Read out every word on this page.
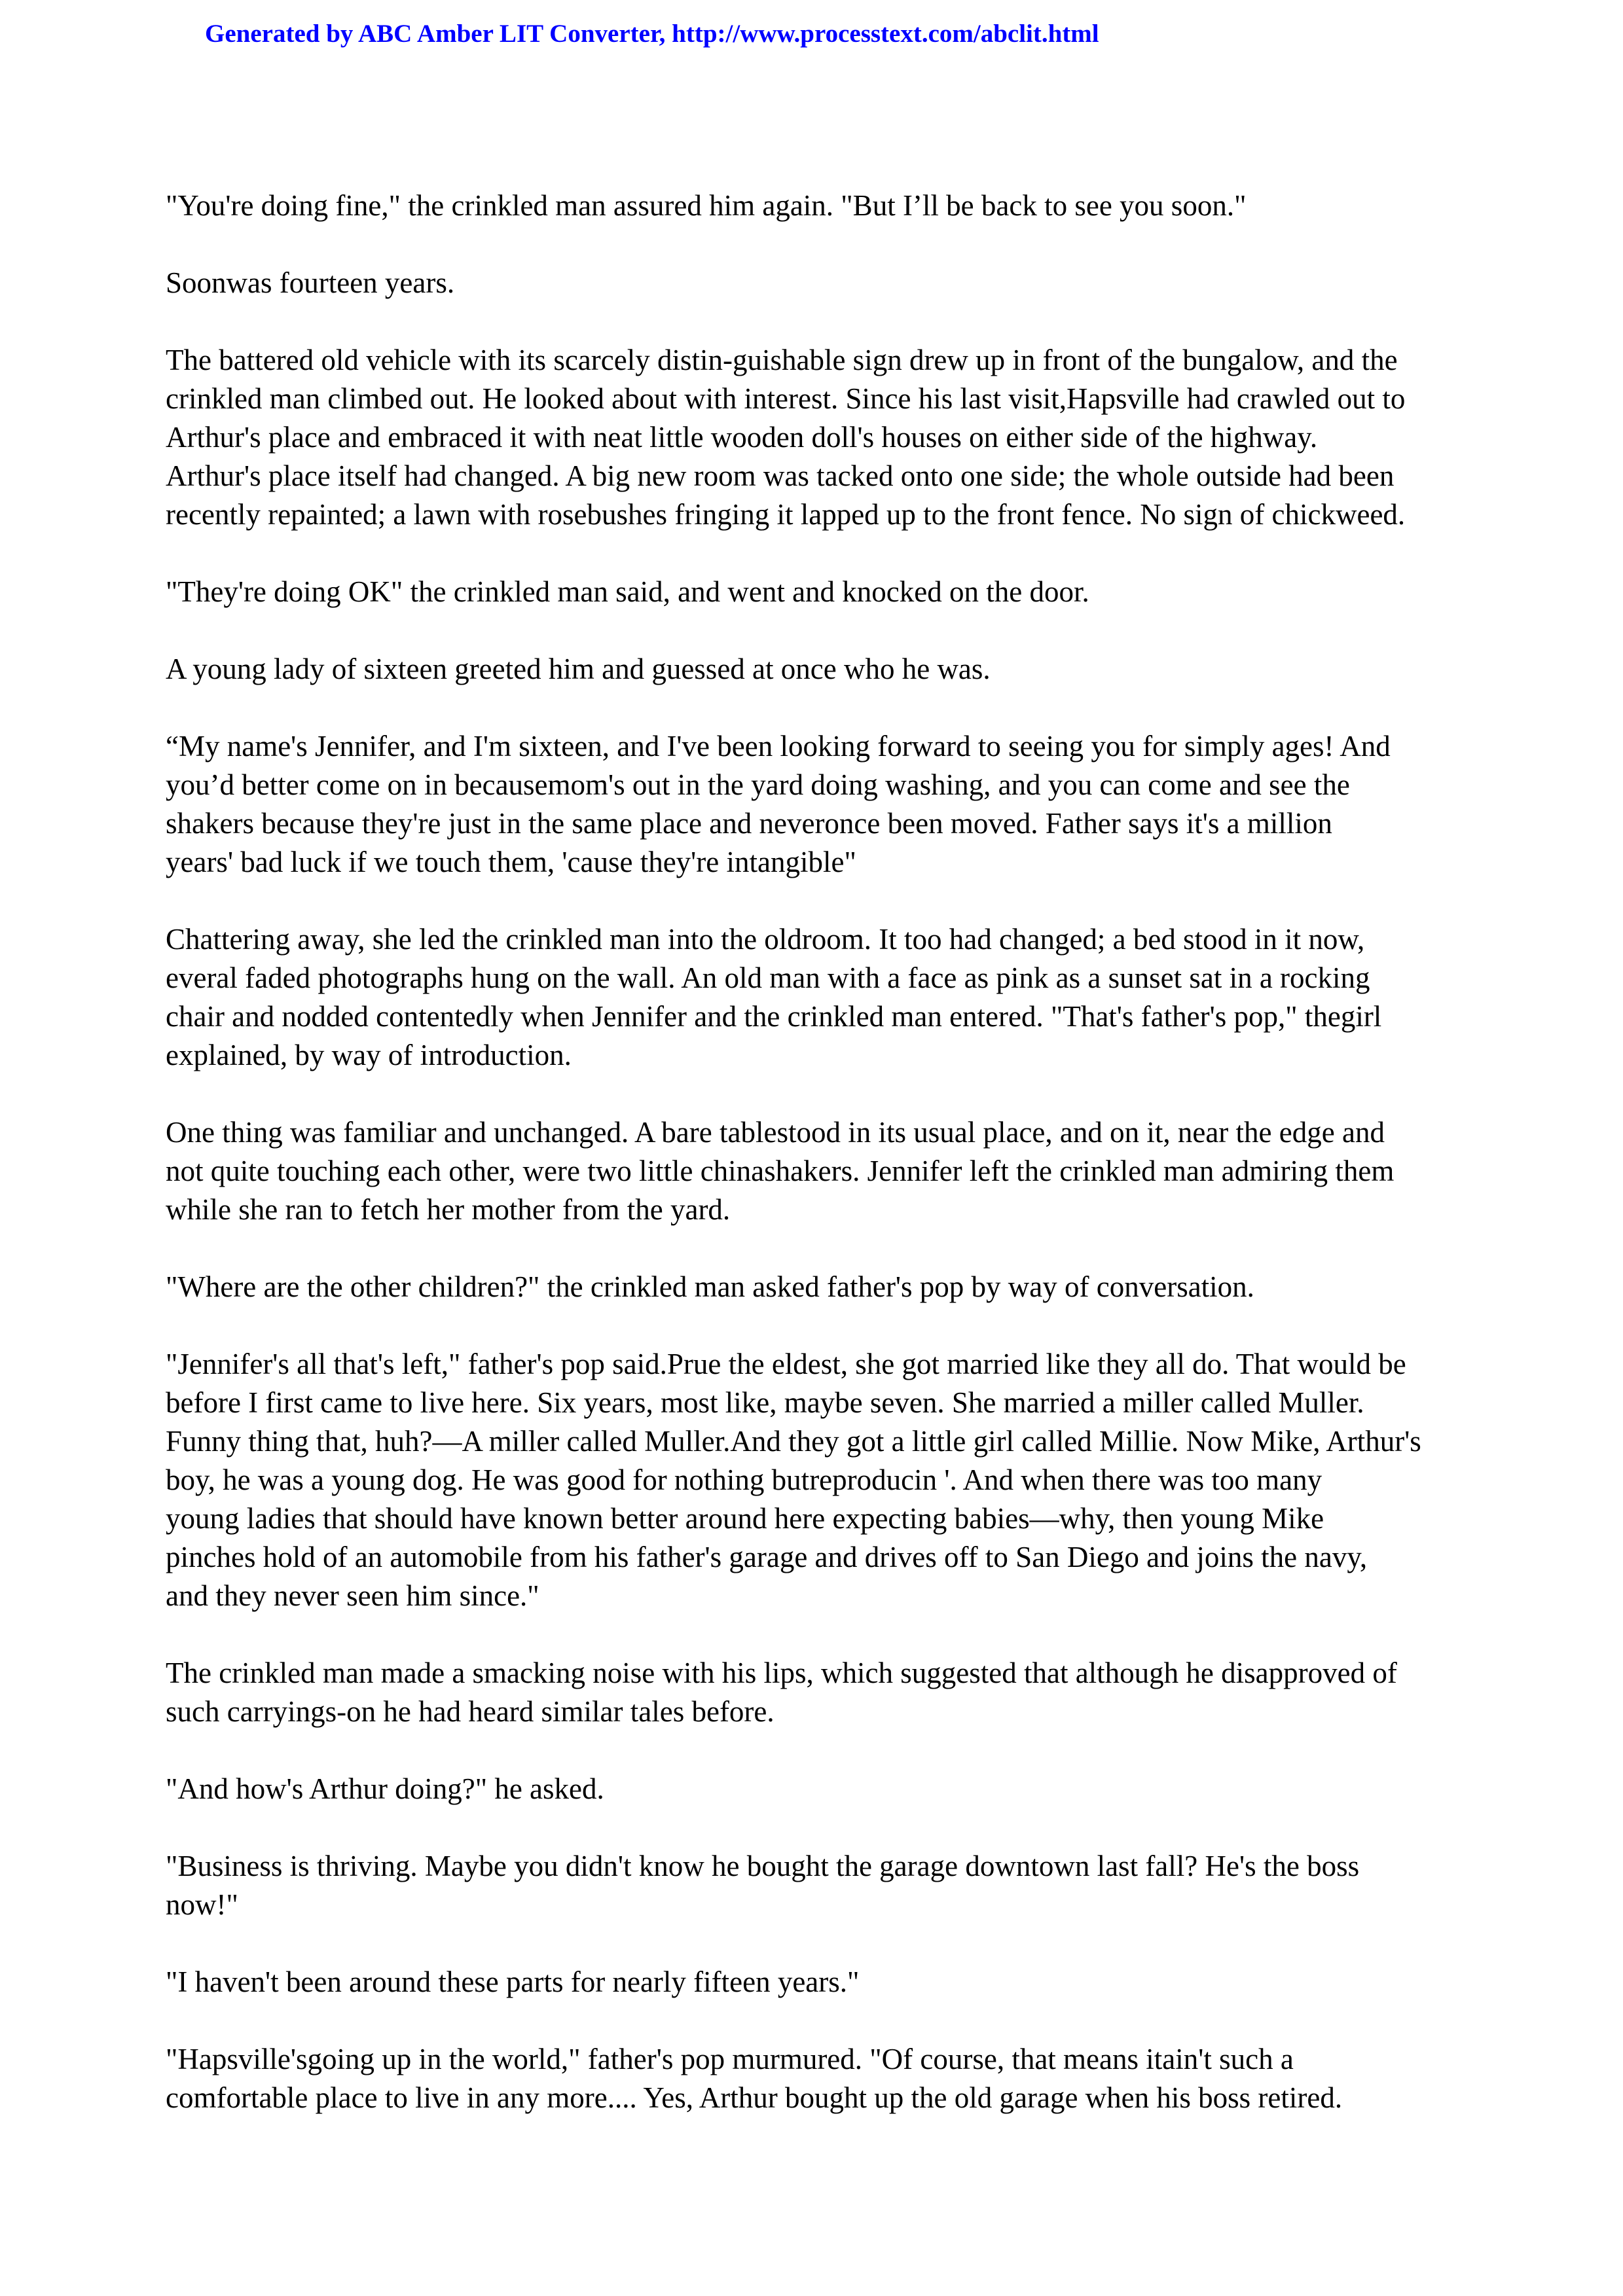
Generated by ABC Amber LIT Converter, http://www.processtext.com/abclit.html

"You're doing fine," the crinkled man assured him again. "But I’ll be back to see you soon."

Soonwas fourteen years.

The battered old vehicle with its scarcely distin-guishable sign drew up in front of the bungalow, and the
crinkled man climbed out. He looked about with interest. Since his last visit,Hapsville had crawled out to
Arthur's place and embraced it with neat little wooden doll's houses on either side of the highway.
Arthur's place itself had changed. A big new room was tacked onto one side; the whole outside had been
recently repainted; a lawn with rosebushes fringing it lapped up to the front fence. No sign of chickweed.

"They're doing OK" the crinkled man said, and went and knocked on the door.

A young lady of sixteen greeted him and guessed at once who he was.

“My name's Jennifer, and I'm sixteen, and I've been looking forward to seeing you for simply ages! And
you’d better come on in becausemom's out in the yard doing washing, and you can come and see the
shakers because they're just in the same place and neveronce been moved. Father says it's a million
years' bad luck if we touch them, 'cause they're intangible"

Chattering away, she led the crinkled man into the oldroom. It too had changed; a bed stood in it now,
everal faded photographs hung on the wall. An old man with a face as pink as a sunset sat in a rocking
chair and nodded contentedly when Jennifer and the crinkled man entered. "That's father's pop," thegirl
explained, by way of introduction.

One thing was familiar and unchanged. A bare tablestood in its usual place, and on it, near the edge and
not quite touching each other, were two little chinashakers. Jennifer left the crinkled man admiring them
while she ran to fetch her mother from the yard.

"Where are the other children?" the crinkled man asked father's pop by way of conversation.

"Jennifer's all that's left," father's pop said.Prue the eldest, she got married like they all do. That would be
before I first came to live here. Six years, most like, maybe seven. She married a miller called Muller.
Funny thing that, huh?—A miller called Muller.And they got a little girl called Millie. Now Mike, Arthur's
boy, he was a young dog. He was good for nothing butreproducin '. And when there was too many
young ladies that should have known better around here expecting babies—why, then young Mike
pinches hold of an automobile from his father's garage and drives off to San Diego and joins the navy,
and they never seen him since."

The crinkled man made a smacking noise with his lips, which suggested that although he disapproved of
such carryings-on he had heard similar tales before.

"And how's Arthur doing?" he asked.

"Business is thriving. Maybe you didn't know he bought the garage downtown last fall? He's the boss
now!"

"I haven't been around these parts for nearly fifteen years."

"Hapsville'sgoing up in the world," father's pop murmured. "Of course, that means itain't such a
comfortable place to live in any more.... Yes, Arthur bought up the old garage when his boss retired.
